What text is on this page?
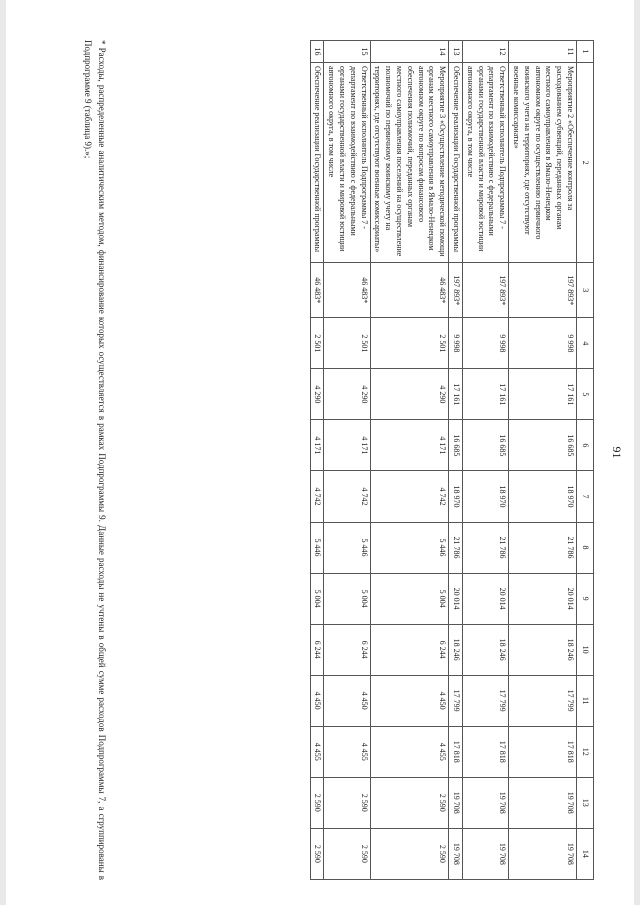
91
1	2	3	4	5	6	7	8	9	10	11	12	13	14
11	Мероприятие 2 «Обеспечение контроля за расходованием субвенций, переданных органам местного самоуправления в Ямало-Ненецком автономном округе по осуществлению первичного воинского учета на территориях, где отсутствуют военные комиссариаты»	197 893*	9 998	17 161	16 685	18 970	21 786	20 014	18 246	17 799	17 818	19 708	19 708
12	Ответственный исполнитель Подпрограммы 7 - департамент по взаимодействию с федеральными органами государственной власти и мировой юстиции автономного округа, в том числе	197 893*	9 998	17 161	16 685	18 970	21 786	20 014	18 246	17 799	17 818	19 708	19 708
13	Обеспечение реализации Государственной программы	197 893*	9 998	17 161	16 685	18 970	21 786	20 014	18 246	17 799	17 818	19 708	19 708
14	Мероприятие 3 «Осуществление методической помощи органам местного самоуправления в Ямало-Ненецком автономном округе по вопросам финансового обеспечения полномочий, переданных органам местного самоуправления поселений на осуществление полномочий по первичному воинскому учету на территориях, где отсутствуют военные комиссариаты»	46 483*	2 501	4 290	4 171	4 742	5 446	5 004	6 244	4 450	4 455	2 590	2 590
15	Ответственный исполнитель Подпрограммы 7 - департамент по взаимодействию с федеральными органами государственной власти и мировой юстиции автономного округа, в том числе	46 483*	2 501	4 290	4 171	4 742	5 446	5 004	6 244	4 450	4 455	2 590	2 590
16	Обеспечение реализации Государственной программы	46 483*	2 501	4 290	4 171	4 742	5 446	5 004	6 244	4 450	4 455	2 590	2 590
* Расходы, распределенные аналитическим методом, финансирование которых осуществляется в рамках Подпрограммы 9. Данные расходы не учтены в общей сумме расходов Подпрограммы 7, а сгруппированы в Подпрограмме 9 (таблица 9).»;
